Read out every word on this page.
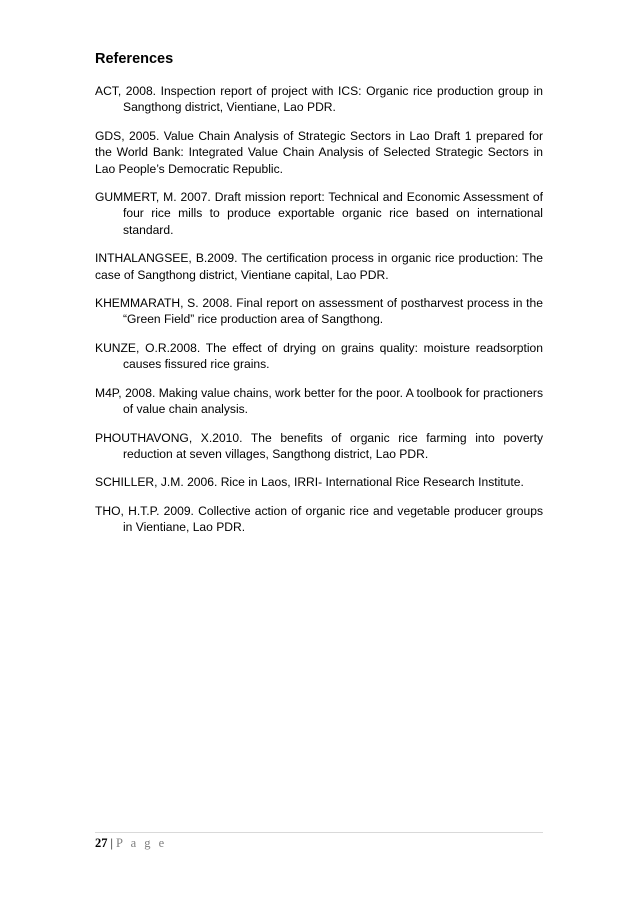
References

ACT, 2008. Inspection report of project with ICS: Organic rice production group in Sangthong district, Vientiane, Lao PDR.

GDS, 2005. Value Chain Analysis of Strategic Sectors in Lao Draft 1 prepared for the World Bank: Integrated Value Chain Analysis of Selected Strategic Sectors in Lao People’s Democratic Republic.

GUMMERT, M. 2007. Draft mission report: Technical and Economic Assessment of four rice mills to produce exportable organic rice based on international standard.

INTHALANGSEE, B.2009. The certification process in organic rice production: The case of Sangthong district, Vientiane capital, Lao PDR.

KHEMMARATH, S. 2008. Final report on assessment of postharvest process in the “Green Field” rice production area of Sangthong.

KUNZE, O.R.2008. The effect of drying on grains quality: moisture readsorption causes fissured rice grains.

M4P, 2008. Making value chains, work better for the poor. A toolbook for practioners of value chain analysis.

PHOUTHAVONG, X.2010. The benefits of organic rice farming into poverty reduction at seven villages, Sangthong district, Lao PDR.

SCHILLER, J.M. 2006. Rice in Laos, IRRI- International Rice Research Institute.

THO, H.T.P. 2009. Collective action of organic rice and vegetable producer groups in Vientiane, Lao PDR.

27 | P a g e
